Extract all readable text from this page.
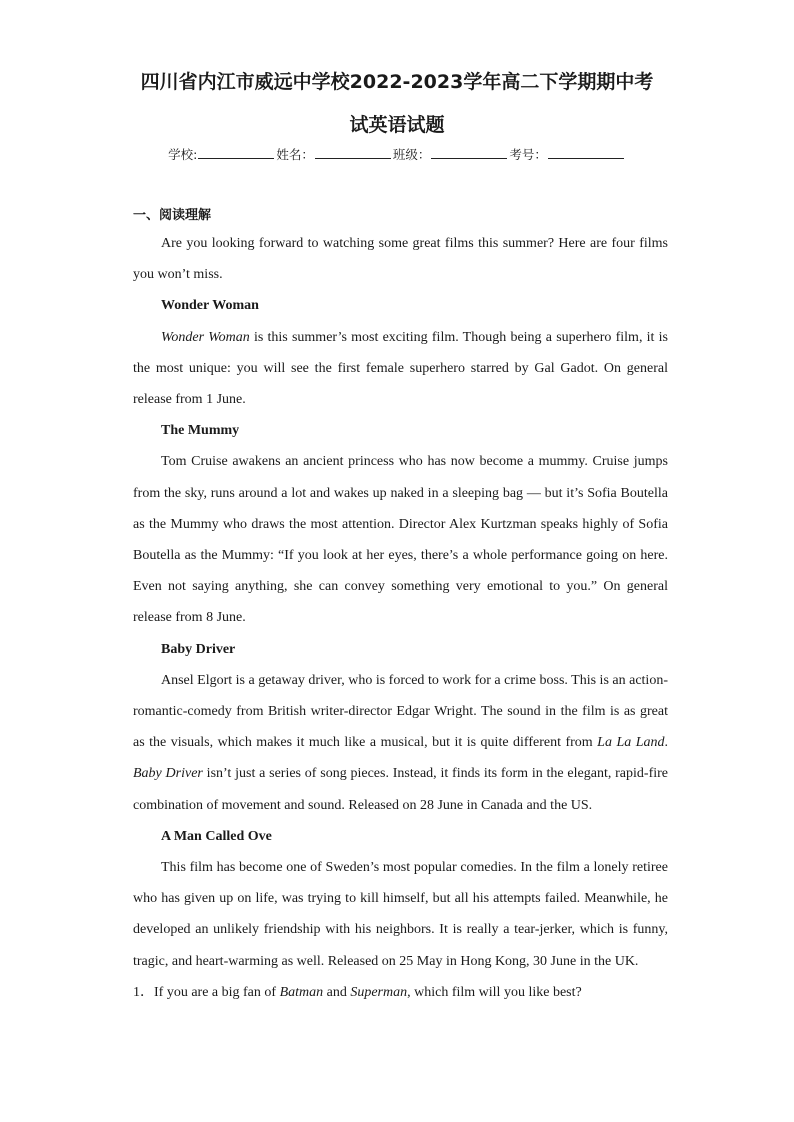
四川省内江市威远中学校2022-2023学年高二下学期期中考
试英语试题
学校:	姓名：	班级：	考号：
一、阅读理解

Are you looking forward to watching some great films this summer? Here are four films you won’t miss.

Wonder Woman

Wonder Woman is this summer’s most exciting film. Though being a superhero film, it is the most unique: you will see the first female superhero starred by Gal Gadot. On general release from 1 June.

The Mummy

Tom Cruise awakens an ancient princess who has now become a mummy. Cruise jumps from the sky, runs around a lot and wakes up naked in a sleeping bag — but it’s Sofia Boutella as the Mummy who draws the most attention. Director Alex Kurtzman speaks highly of Sofia Boutella as the Mummy: “If you look at her eyes, there’s a whole performance going on here. Even not saying anything, she can convey something very emotional to you.” On general release from 8 June.

Baby Driver

Ansel Elgort is a getaway driver, who is forced to work for a crime boss. This is an action-romantic-comedy from British writer-director Edgar Wright. The sound in the film is as great as the visuals, which makes it much like a musical, but it is quite different from La La Land. Baby Driver isn’t just a series of song pieces. Instead, it finds its form in the elegant, rapid-fire combination of movement and sound. Released on 28 June in Canada and the US.

A Man Called Ove

This film has become one of Sweden’s most popular comedies. In the film a lonely retiree who has given up on life, was trying to kill himself, but all his attempts failed. Meanwhile, he developed an unlikely friendship with his neighbors. It is really a tear-jerker, which is funny, tragic, and heart-warming as well. Released on 25 May in Hong Kong, 30 June in the UK.

1．If you are a big fan of Batman and Superman, which film will you like best?
